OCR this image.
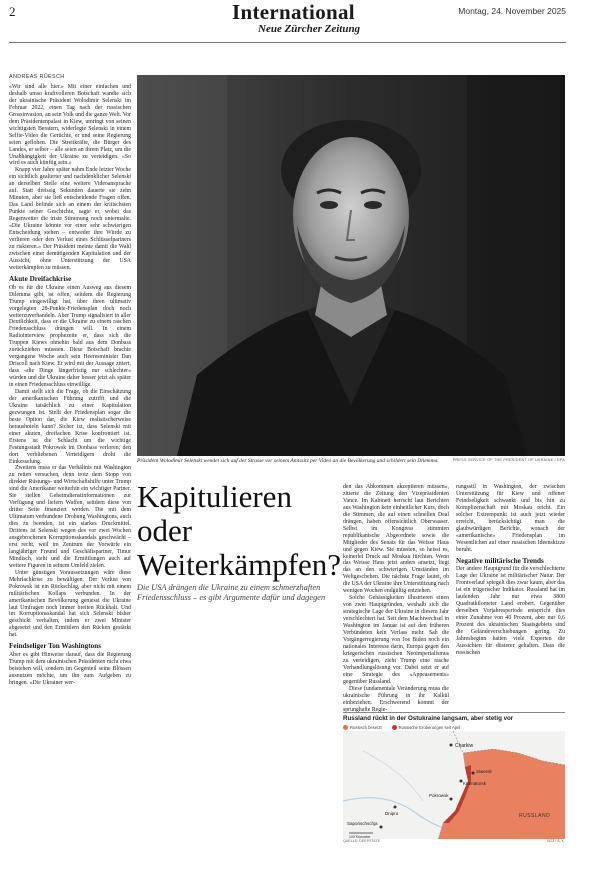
2	International
Neue Zürcher Zeitung
Montag, 24. November 2025
ANDREAS RÜESCH

«Wir sind alle hier.» Mit einer einfachen und deshalb umso kraftvolleren Botschaft wandte sich der ukrainische Präsident Wolodimir Selenski im Februar 2022, einen Tag nach der russischen Grossinvasion, an sein Volk und die ganze Welt. Vor dem Präsidentenpalast in Kiew, umringt von seinen wichtigsten Beratern, widerlegte Selenski in einem Selfie-Video die Gerüchte, er und seine Regierung seien geflohen. Die Streitkräfte, die Bürger des Landes, er selber – alle seien an ihrem Platz, um die Unabhängigkeit der Ukraine zu verteidigen. «So wird es auch künftig sein.»

Knapp vier Jahre später nahm Ende letzter Woche ein sichtlich gealterter und nachdenklicher Selenski an derselben Stelle eine weitere Videoansprache auf. Statt dreissig Sekunden dauerte sie zehn Minuten, aber sie ließ entscheidende Fragen offen. Das Land befinde sich an einem der kritischsten Punkte seiner Geschichte, sagte er, wobei das Regenwetter die triste Stimmung noch untermalte. «Die Ukraine könnte vor einer sehr schwierigen Entscheidung stehen – entweder ihre Würde zu verlieren oder den Verlust eines Schlüsselpartners zu riskieren.» Der Präsident meinte damit die Wahl zwischen einer demütigenden Kapitulation und der Aussicht, ohne Unterstützung der USA weiterkämpfen zu müssen.

Akute Dreifachkrise

Ob es für die Ukraine einen Ausweg aus diesem Dilemma gibt, ist offen, seitdem die Regierung Trump eingewilligt hat, über ihren ultimativ vorgelegten 28-Punkte-Friedensplan doch noch weiterzuverhandeln. Aber Trump signalisiert in aller Deutlichkeit, dass er die Ukraine zu einem raschen Friedensschluss drängen will. In einem Radiointerview prophezeite er, dass sich die Truppen Kiews ohnehin bald aus dem Donbass zurückziehen müssten. Diese Botschaft brachte vergangene Woche auch sein Heeresminister Dan Driscoll nach Kiew. Er wird mit der Aussage zitiert, dass «die Dinge längerfristig nur schlechter» würden und die Ukraine daher besser jetzt als später in einen Friedensschluss einwillige.

Damit stellt sich die Frage, ob die Einschätzung der amerikanischen Führung zutrifft und die Ukraine tatsächlich zu einer Kapitulation gezwungen ist. Stellt der Friedensplan sogar die beste Option dar, die Kiew realistischerweise heraushoieln kann? Sicher ist, dass Selenski mit einer akuten, dreifachen Krise konfrontiert ist. Erstens ist die Schlacht um die wichtige Festungsstadt Pokrowsk im Donbass verloren; den dort verbliebenen Verteidigern droht die Einkesselung.

Zweitens muss er das Verhältnis mit Washington zu retten versuchen, denn trotz dem Stopp von direkter Rüstungs- und Wirtschaftshilfe unter Trump sind die Amerikaner weiterhin ein wichtiger Partner. Sie stellen Geheimdienstinformationen zur Verfügung und liefern Waffen, seitdem diese von dritter Seite finanziert werden. Die mit dem Ultimatum verbundene Drohung Washingtons, auch dies zu beenden, ist ein starkes Druckmittel. Drittens ist Selenski wegen des vor zwei Wochen ausgebrochenen Korruptionsskandals geschwächt – erst recht, weil im Zentrum der Vorwürfe ein langjähriger Freund und Geschäftspartner, Timur Mindisch, steht und die Ermittlungen auch auf weitere Figuren in seinem Umfeld zielen.

Unter günstigen Voraussetzungen wäre diese Mehrfachkrise zu bewältigen. Der Verlust von Pokrowsk ist ein Rückschlag, aber nicht mit einem militärischen Kollaps verbunden. In der amerikanischen Bevölkerung geniesst die Ukraine laut Umfragen noch immer breiten Rückhalt. Und im Korruptionsskandal hat sich Selenski bisher geschickt verhalten, indem er zwei Minister abgesetzt und den Ermittlern den Rücken gestärkt hat.

Feindseliger Ton Washingtons

Aber es gibt Hinweise darauf, dass die Regierung Trump mit dem ukrainischen Präsidenten nicht etwa beistehen will, sondern im Gegenteil seine Blössen ausnutzen möchte, um ihn zum Aufgeben zu bringen. «Die Ukrainer wer-

Präsident Wolodimir Selenski wendet sich auf der Strasse vor seinem Amtssitz per Video an die Bevölkerung und schildert sein Dilemma.	PRESS SERVICE OF THE PRESIDENT OF UKRAINE / EPA
Kapitulieren
oder
Weiterkämpfen?
Die USA drängen die Ukraine zu einem schmerzhaften Friedensschluss – es gibt Argumente dafür und dagegen

den das Abkommen akzeptieren müssen», zitierte die Zeitung den Vizepräsidenten Vance. Im Kabinett herrscht laut Berichten aus Washington kein einheitlicher Kurs, doch die Stimmen, die auf einen schnellen Deal drängen, haben offensichtlich Oberwasser. Selbst im Kongress stimmten republikanische Abgeordnete sowie die Mitglieder des Senats für das Weisse Haus und gegen Kiew. Sie müssten, so heisst es, keinerlei Druck auf Moskau fürchten. Wenn das Weisse Haus jetzt anders ansetzt, liegt das an den schwierigen Umständen im Weltgeschehen. Die nächste Frage lautet, ob die USA der Ukraine ihre Unterstützung nach wenigen Wochen endgültig entziehen.

Solche Gehässigkeiten illustrieren einen von zwei Hauptgründen, weshalb sich die strategische Lage der Ukraine in diesem Jahr verschlechtert hat. Seit dem Machtwechsel in Washington im Januar ist auf den früheren Verbündeten kein Verlass mehr. Sah die Vorgängerregierung von Joe Biden noch ein nationales Interesse darin, Europa gegen den kriegerischen russischen Neoimperialismus zu verteidigen, zieht Trump eine rasche Verhandlungslösung vor. Dabei setzt er auf eine Strategie des «Appeasements» gegenüber Russland.

Diese fundamentale Veränderung muss die ukrainische Führung in ihr Kalkül einbeziehen. Erschwerend kommt der sprunghafte Regie-

rungsstil in Washington, der zwischen Unterstützung für Kiew und offener Feindseligkeit schwankt und bis hin zu Komplizenschaft mit Moskau reicht. Ein solcher Extrempunkt ist auch jetzt wieder erreicht, berücksichtigt man die glaubwürdigen Berichte, wonach der «amerikanische» Friedensplan im Wesentlichen auf einer russischen Ideenskizze beruht.

Negative militärische Trends

Der andere Hauptgrund für die verschlechterte Lage der Ukraine ist militärischer Natur. Der Frontverlauf spiegelt dies zwar kaum, aber das ist ein trügerischer Indikator. Russland hat im laufenden Jahr nur etwa 3800 Quadratkilometer Land erobert. Gegenüber derselben Vorjahresperiode entspricht dies einer Zunahme von 40 Prozent, aber nur 0,6 Prozent des ukrainischen Staatsgebiets sind die Geländeverschiebungen gering. Zu Jahresbeginn hatten viele Experten die Aussichten für düsterer gehalten. Dass die russischen

Russland rückt in der Ostukraine langsam, aber stetig vor
Russisch besetzt	Russische Eroberungen seit April
Charkiw
Siwersk
Kramatorsk
Pokrowsk
Dnipro
Saporischschja
RUSSLAND
100 Kilometer
QUELLE: DEEPSTATE	NZZ / A. K.
